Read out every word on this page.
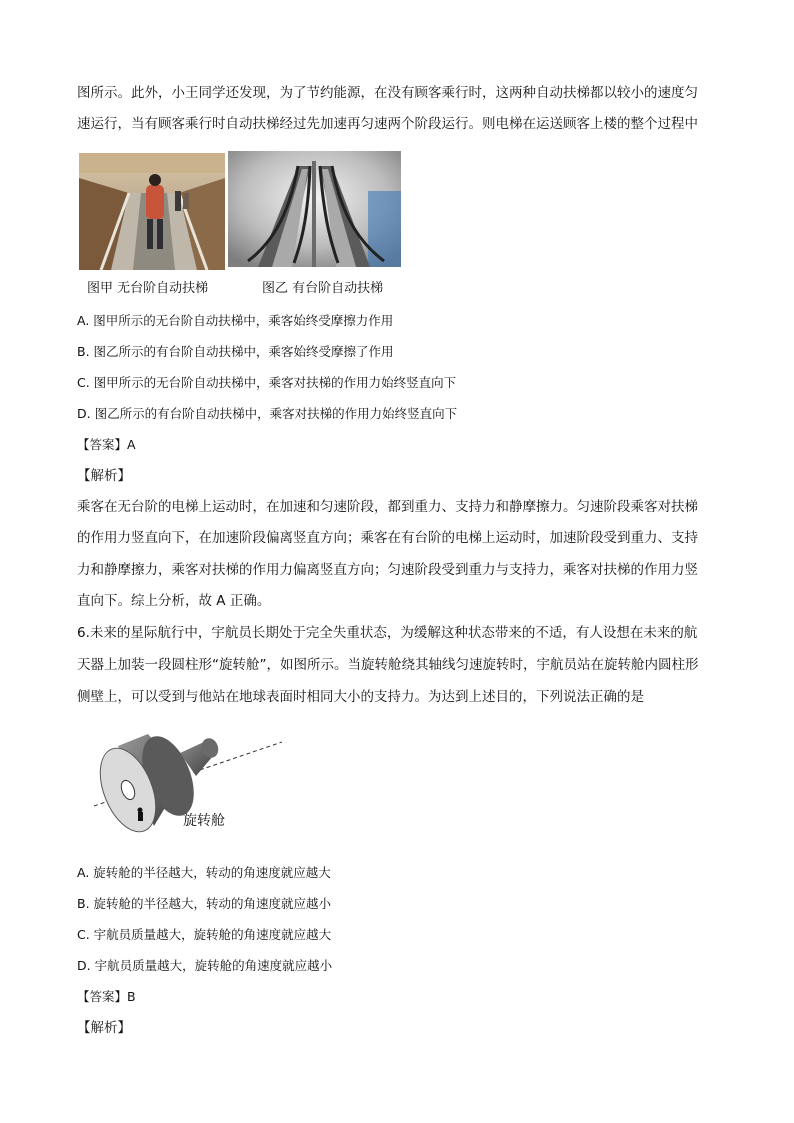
图所示。此外，小王同学还发现，为了节约能源，在没有顾客乘行时，这两种自动扶梯都以较小的速度匀
速运行，当有顾客乘行时自动扶梯经过先加速再匀速两个阶段运行。则电梯在运送顾客上楼的整个过程中
图甲 无台阶自动扶梯	图乙 有台阶自动扶梯
A. 图甲所示的无台阶自动扶梯中，乘客始终受摩擦力作用
B. 图乙所示的有台阶自动扶梯中，乘客始终受摩擦了作用
C. 图甲所示的无台阶自动扶梯中，乘客对扶梯的作用力始终竖直向下
D. 图乙所示的有台阶自动扶梯中，乘客对扶梯的作用力始终竖直向下
【答案】A
【解析】
乘客在无台阶的电梯上运动时，在加速和匀速阶段，都到重力、支持力和静摩擦力。匀速阶段乘客对扶梯
的作用力竖直向下，在加速阶段偏离竖直方向；乘客在有台阶的电梯上运动时，加速阶段受到重力、支持
力和静摩擦力，乘客对扶梯的作用力偏离竖直方向；匀速阶段受到重力与支持力，乘客对扶梯的作用力竖
直向下。综上分析，故 A 正确。
6.未来的星际航行中，宇航员长期处于完全失重状态，为缓解这种状态带来的不适，有人设想在未来的航
天器上加装一段圆柱形“旋转舱”，如图所示。当旋转舱绕其轴线匀速旋转时，宇航员站在旋转舱内圆柱形
侧壁上，可以受到与他站在地球表面时相同大小的支持力。为达到上述目的，下列说法正确的是
旋转舱
A. 旋转舱的半径越大，转动的角速度就应越大
B. 旋转舱的半径越大，转动的角速度就应越小
C. 宇航员质量越大，旋转舱的角速度就应越大
D. 宇航员质量越大，旋转舱的角速度就应越小
【答案】B
【解析】
